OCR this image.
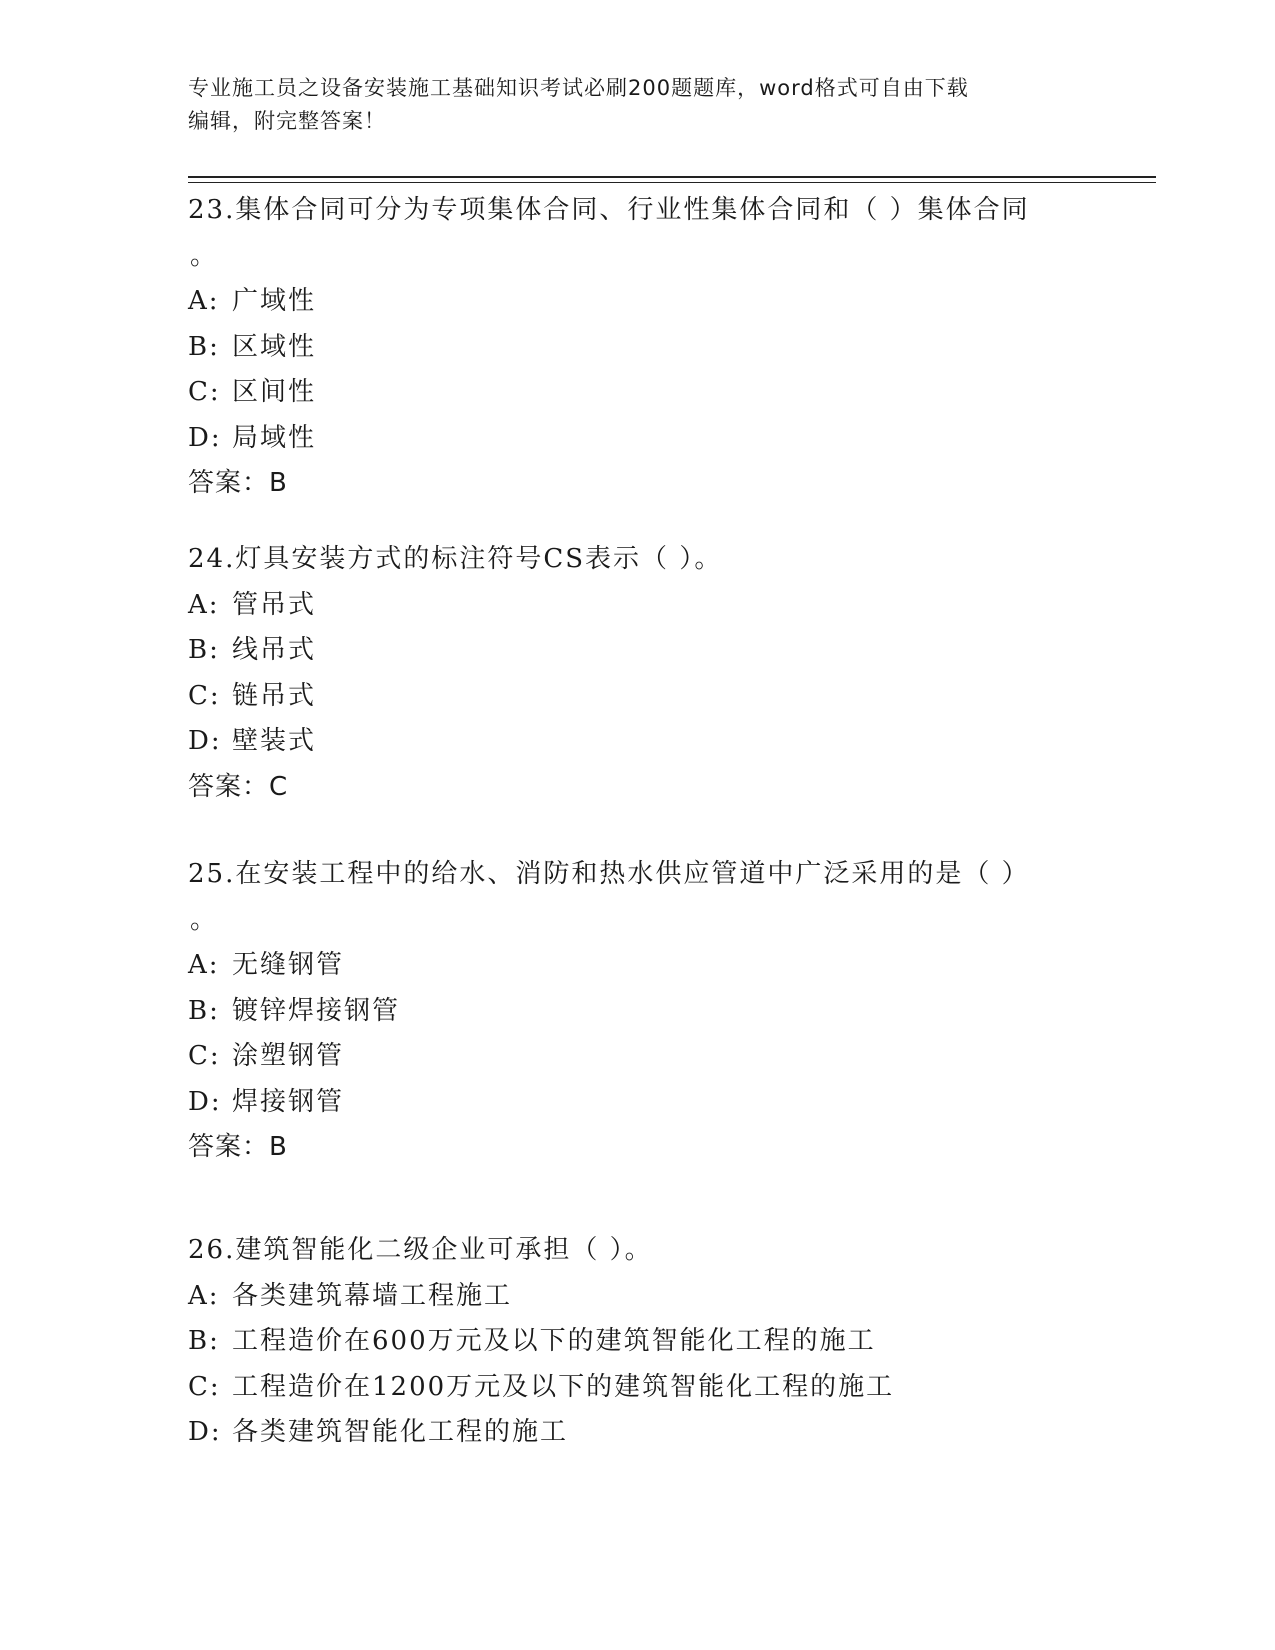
专业施工员之设备安装施工基础知识考试必刷200题题库，word格式可自由下载
编辑，附完整答案！
23.集体合同可分为专项集体合同、行业性集体合同和（ ）集体合同
。
A: 广域性
B: 区域性
C: 区间性
D: 局域性
答案：B
24.灯具安装方式的标注符号CS表示（ ）。
A: 管吊式
B: 线吊式
C: 链吊式
D: 壁装式
答案：C
25.在安装工程中的给水、消防和热水供应管道中广泛采用的是（ ）
。
A: 无缝钢管
B: 镀锌焊接钢管
C: 涂塑钢管
D: 焊接钢管
答案：B
26.建筑智能化二级企业可承担（ ）。
A: 各类建筑幕墙工程施工
B: 工程造价在600万元及以下的建筑智能化工程的施工
C: 工程造价在1200万元及以下的建筑智能化工程的施工
D: 各类建筑智能化工程的施工
